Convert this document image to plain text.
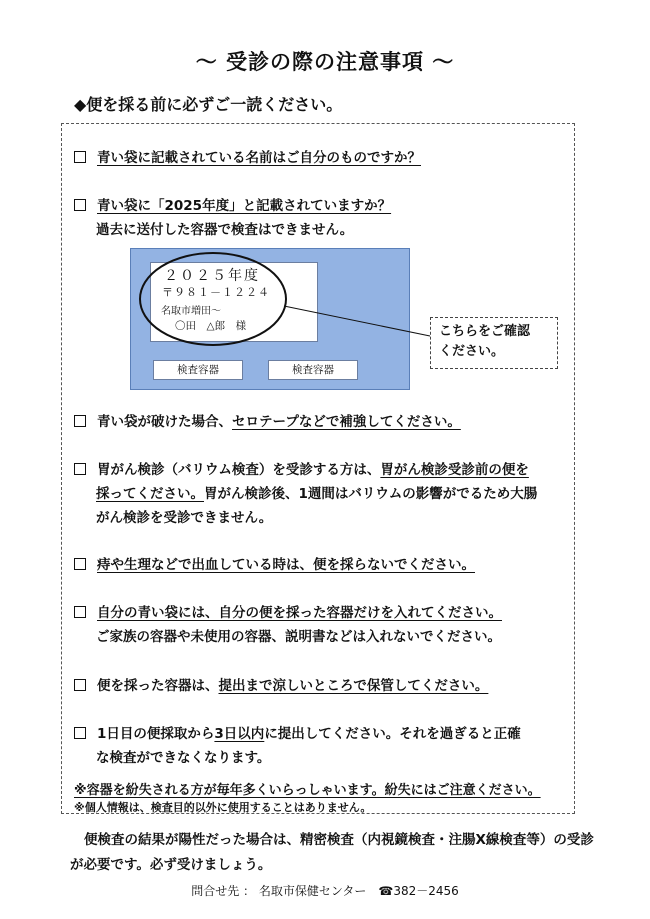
～ 受診の際の注意事項 ～
◆便を採る前に必ずご一読ください。
青い袋に記載されている名前はご自分のものですか？
青い袋に「2025年度」と記載されていますか？
過去に送付した容器で検査はできません。
２０２５年度
〒９８１－１２２４
名取市増田～
〇田　△郎　様
検査容器	検査容器
こちらをご確認
ください。
青い袋が破けた場合、セロテープなどで補強してください。
胃がん検診（バリウム検査）を受診する方は、胃がん検診受診前の便を
採ってください。胃がん検診後、1週間はバリウムの影響がでるため大腸
がん検診を受診できません。
痔や生理などで出血している時は、便を採らないでください。
自分の青い袋には、自分の便を採った容器だけを入れてください。
ご家族の容器や未使用の容器、説明書などは入れないでください。
便を採った容器は、提出まで涼しいところで保管してください。
1日目の便採取から3日以内に提出してください。それを過ぎると正確
な検査ができなくなります。
※容器を紛失される方が毎年多くいらっしゃいます。紛失にはご注意ください。
※個人情報は、検査目的以外に使用することはありません。
便検査の結果が陽性だった場合は、精密検査（内視鏡検査・注腸X線検査等）の受診が必要です。必ず受けましょう。
問合せ先 ： 名取市保健センター　☎382－2456
